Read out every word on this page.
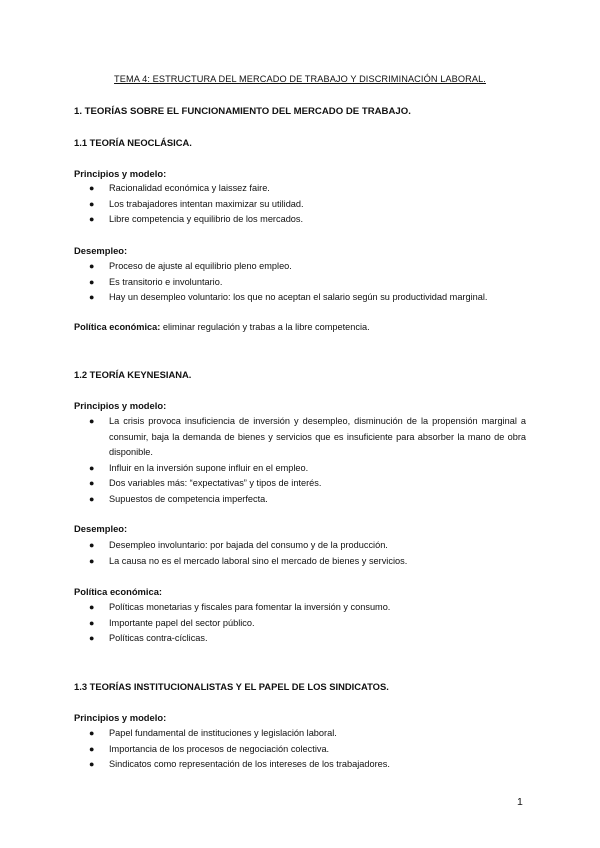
TEMA 4: ESTRUCTURA DEL MERCADO DE TRABAJO Y DISCRIMINACIÓN LABORAL.
1. TEORÍAS SOBRE EL FUNCIONAMIENTO DEL MERCADO DE TRABAJO.
1.1 TEORÍA NEOCLÁSICA.
Principios y modelo:
● Racionalidad económica y laissez faire.
● Los trabajadores intentan maximizar su utilidad.
● Libre competencia y equilibrio de los mercados.
Desempleo:
● Proceso de ajuste al equilibrio pleno empleo.
● Es transitorio e involuntario.
● Hay un desempleo voluntario: los que no aceptan el salario según su productividad marginal.
Política económica: eliminar regulación y trabas a la libre competencia.
1.2 TEORÍA KEYNESIANA.
Principios y modelo:
● La crisis provoca insuficiencia de inversión y desempleo, disminución de la propensión marginal a consumir, baja la demanda de bienes y servicios que es insuficiente para absorber la mano de obra disponible.
● Influir en la inversión supone influir en el empleo.
● Dos variables más: “expectativas” y tipos de interés.
● Supuestos de competencia imperfecta.
Desempleo:
● Desempleo involuntario: por bajada del consumo y de la producción.
● La causa no es el mercado laboral sino el mercado de bienes y servicios.
Política económica:
● Políticas monetarias y fiscales para fomentar la inversión y consumo.
● Importante papel del sector público.
● Políticas contra-cíclicas.
1.3 TEORÍAS INSTITUCIONALISTAS Y EL PAPEL DE LOS SINDICATOS.
Principios y modelo:
● Papel fundamental de instituciones y legislación laboral.
● Importancia de los procesos de negociación colectiva.
● Sindicatos como representación de los intereses de los trabajadores.
1
